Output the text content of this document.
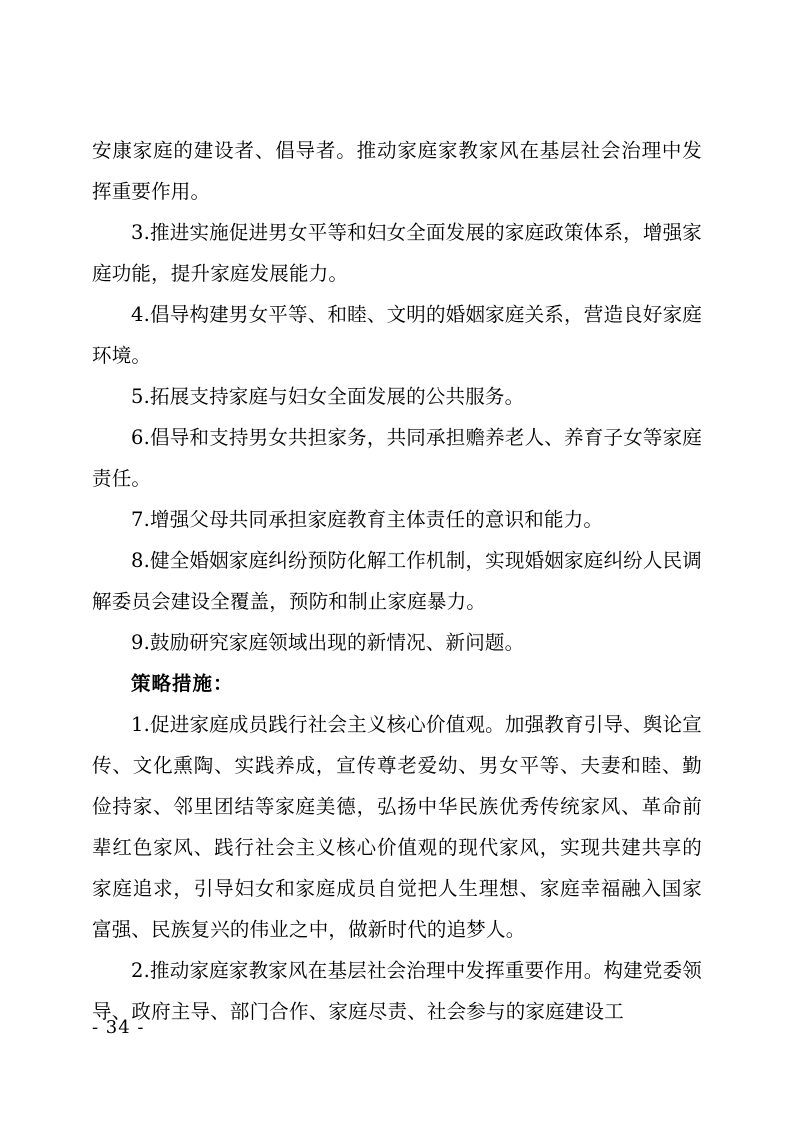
安康家庭的建设者、倡导者。推动家庭家教家风在基层社会治理中发挥重要作用。

3.推进实施促进男女平等和妇女全面发展的家庭政策体系，增强家庭功能，提升家庭发展能力。

4.倡导构建男女平等、和睦、文明的婚姻家庭关系，营造良好家庭环境。

5.拓展支持家庭与妇女全面发展的公共服务。

6.倡导和支持男女共担家务，共同承担赡养老人、养育子女等家庭责任。

7.增强父母共同承担家庭教育主体责任的意识和能力。

8.健全婚姻家庭纠纷预防化解工作机制，实现婚姻家庭纠纷人民调解委员会建设全覆盖，预防和制止家庭暴力。

9.鼓励研究家庭领域出现的新情况、新问题。

策略措施：

1.促进家庭成员践行社会主义核心价值观。加强教育引导、舆论宣传、文化熏陶、实践养成，宣传尊老爱幼、男女平等、夫妻和睦、勤俭持家、邻里团结等家庭美德，弘扬中华民族优秀传统家风、革命前辈红色家风、践行社会主义核心价值观的现代家风，实现共建共享的家庭追求，引导妇女和家庭成员自觉把人生理想、家庭幸福融入国家富强、民族复兴的伟业之中，做新时代的追梦人。

2.推动家庭家教家风在基层社会治理中发挥重要作用。构建党委领导、政府主导、部门合作、家庭尽责、社会参与的家庭建设工

- 34 -
